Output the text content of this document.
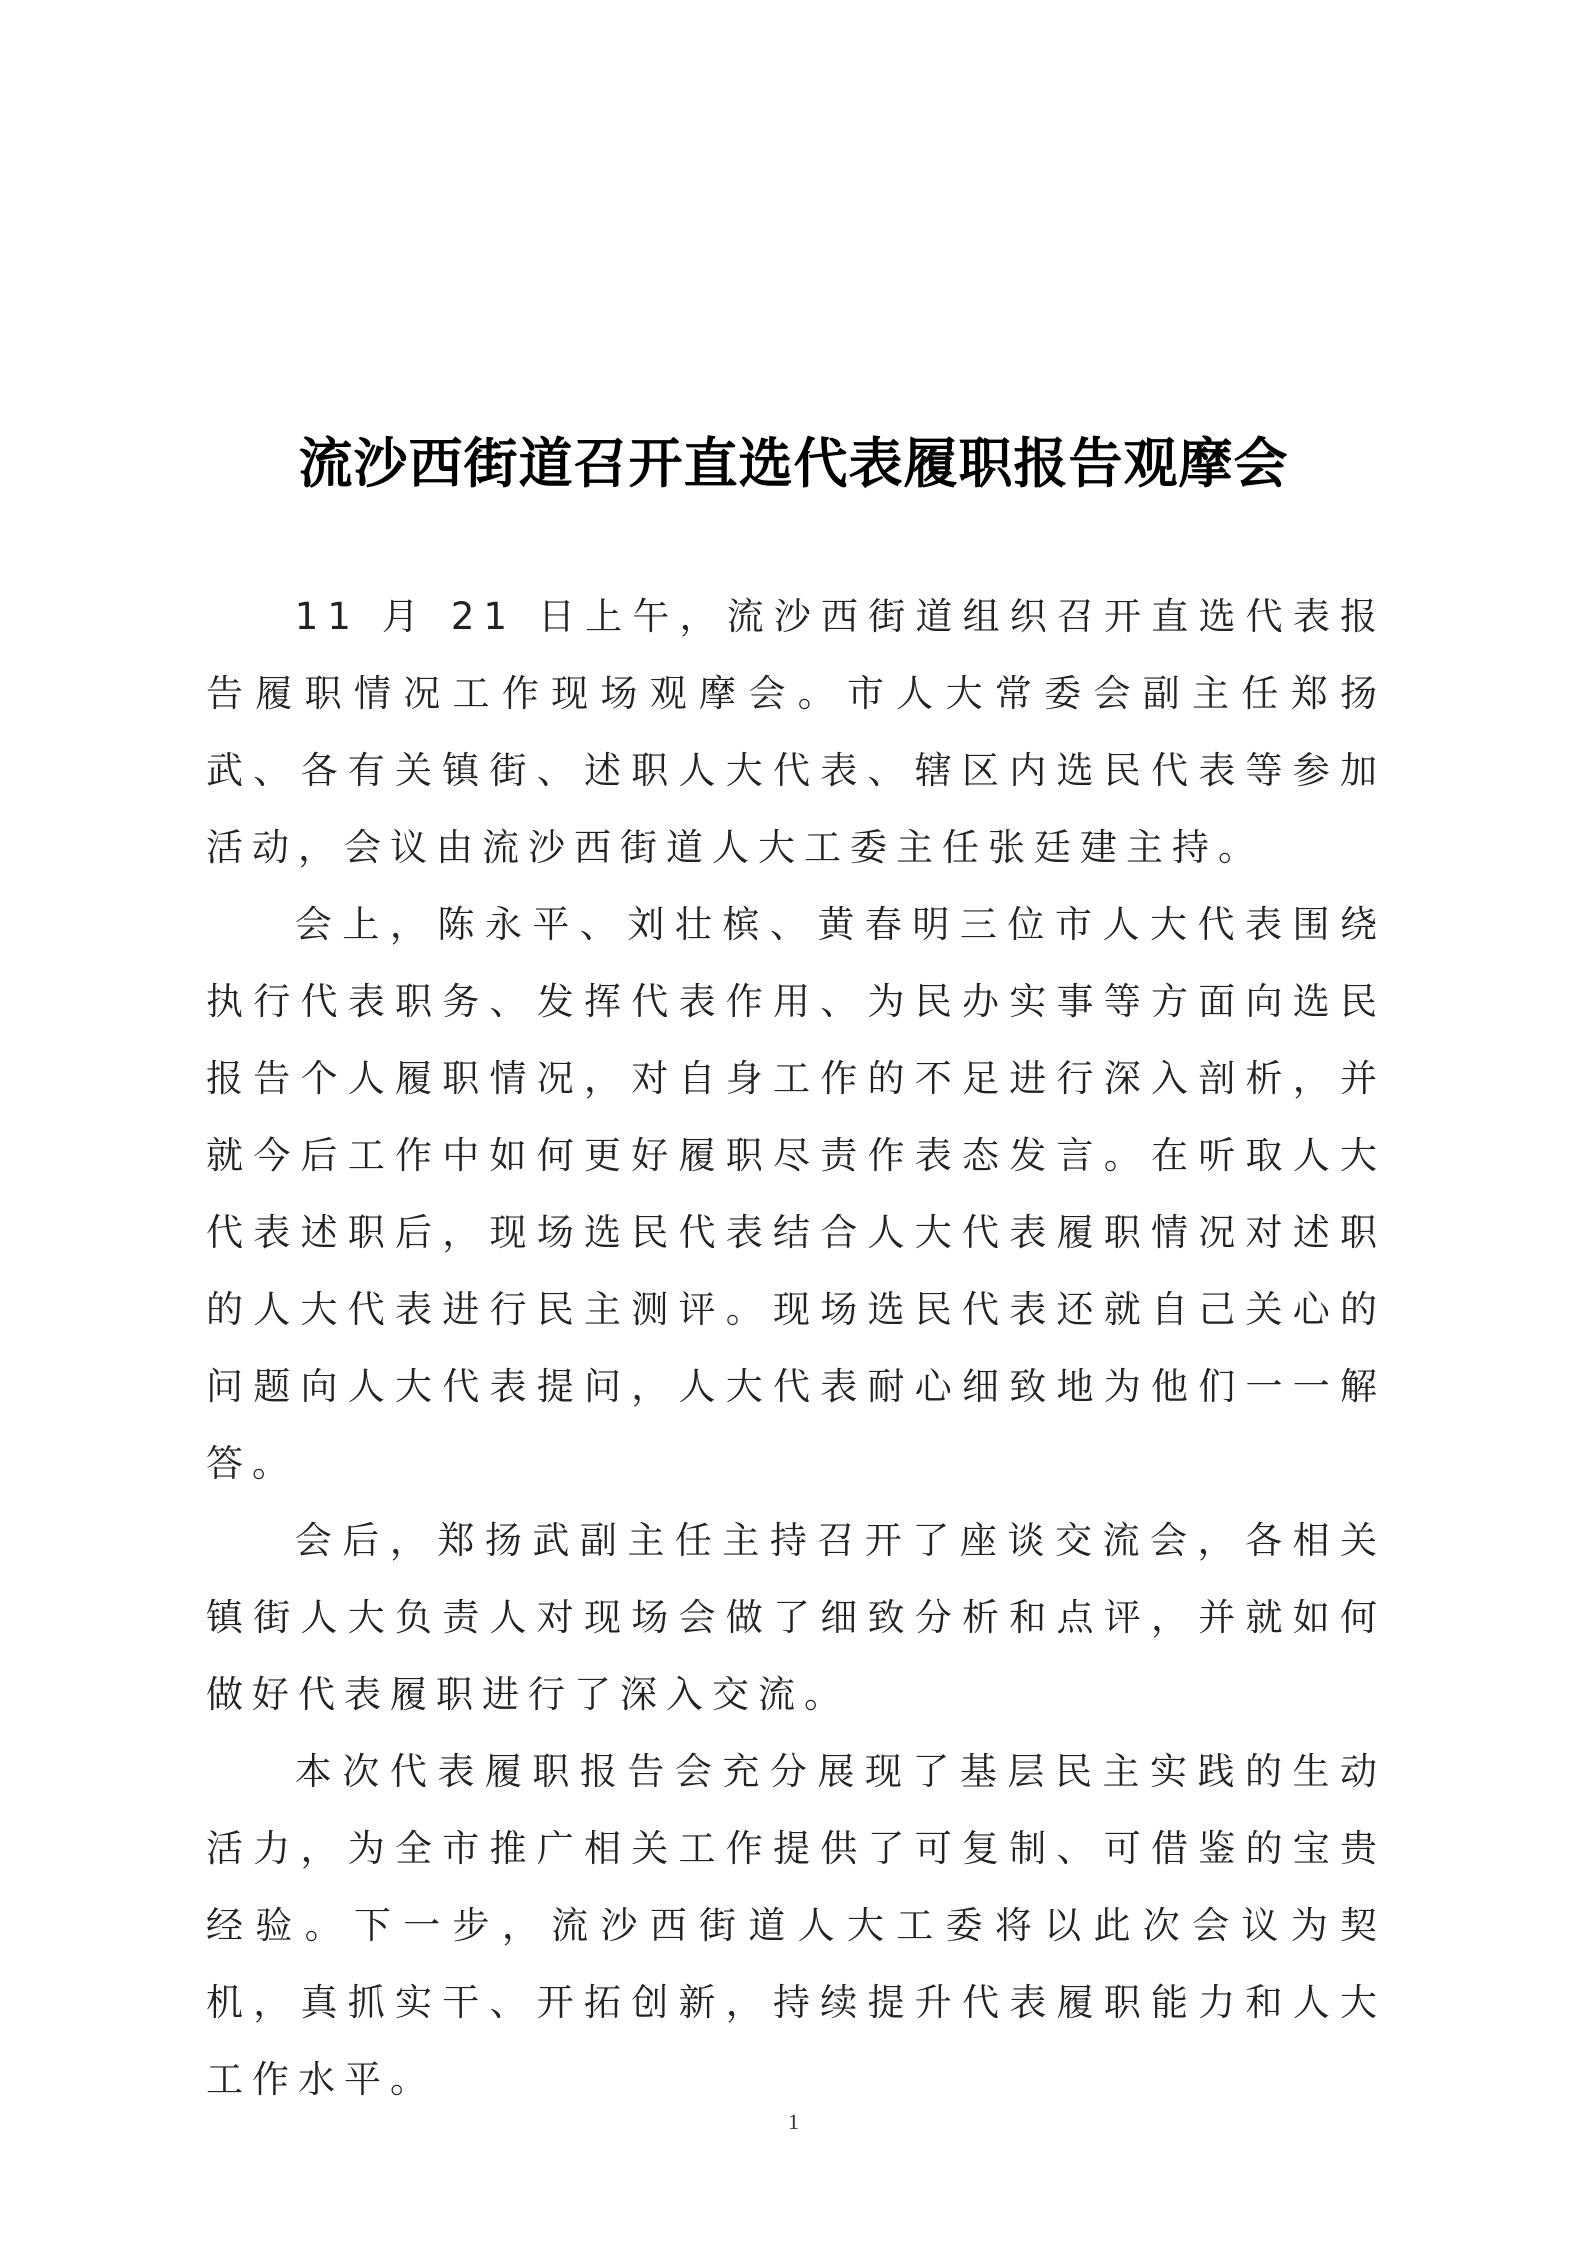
流沙西街道召开直选代表履职报告观摩会

11 月 21 日上午，流沙西街道组织召开直选代表报告履职情况工作现场观摩会。市人大常委会副主任郑扬武、各有关镇街、述职人大代表、辖区内选民代表等参加活动，会议由流沙西街道人大工委主任张廷建主持。

会上，陈永平、刘壮槟、黄春明三位市人大代表围绕执行代表职务、发挥代表作用、为民办实事等方面向选民报告个人履职情况，对自身工作的不足进行深入剖析，并就今后工作中如何更好履职尽责作表态发言。在听取人大代表述职后，现场选民代表结合人大代表履职情况对述职的人大代表进行民主测评。现场选民代表还就自己关心的问题向人大代表提问，人大代表耐心细致地为他们一一解答。

会后，郑扬武副主任主持召开了座谈交流会，各相关镇街人大负责人对现场会做了细致分析和点评，并就如何做好代表履职进行了深入交流。

本次代表履职报告会充分展现了基层民主实践的生动活力，为全市推广相关工作提供了可复制、可借鉴的宝贵经验。下一步，流沙西街道人大工委将以此次会议为契机，真抓实干、开拓创新，持续提升代表履职能力和人大工作水平。

1
